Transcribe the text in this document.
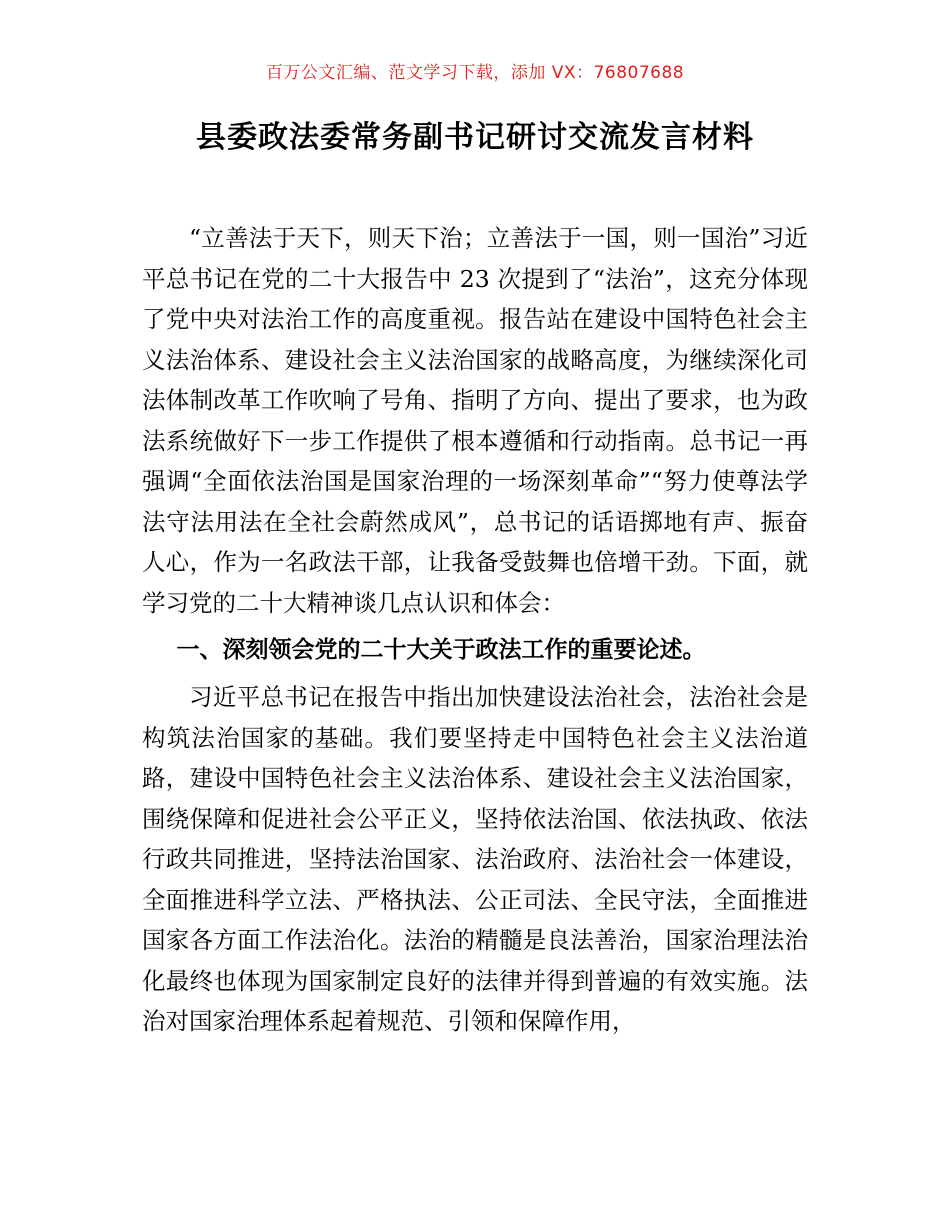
百万公文汇编、范文学习下载，添加 VX：76807688
县委政法委常务副书记研讨交流发言材料

“立善法于天下，则天下治；立善法于一国，则一国治”习近平总书记在党的二十大报告中 23 次提到了“法治”，这充分体现了党中央对法治工作的高度重视。报告站在建设中国特色社会主义法治体系、建设社会主义法治国家的战略高度，为继续深化司法体制改革工作吹响了号角、指明了方向、提出了要求，也为政法系统做好下一步工作提供了根本遵循和行动指南。总书记一再强调“全面依法治国是国家治理的一场深刻革命”“努力使尊法学法守法用法在全社会蔚然成风”，总书记的话语掷地有声、振奋人心，作为一名政法干部，让我备受鼓舞也倍增干劲。下面，就学习党的二十大精神谈几点认识和体会：

一、深刻领会党的二十大关于政法工作的重要论述。

习近平总书记在报告中指出加快建设法治社会，法治社会是构筑法治国家的基础。我们要坚持走中国特色社会主义法治道路，建设中国特色社会主义法治体系、建设社会主义法治国家，围绕保障和促进社会公平正义，坚持依法治国、依法执政、依法行政共同推进，坚持法治国家、法治政府、法治社会一体建设，全面推进科学立法、严格执法、公正司法、全民守法，全面推进国家各方面工作法治化。法治的精髓是良法善治，国家治理法治化最终也体现为国家制定良好的法律并得到普遍的有效实施。法治对国家治理体系起着规范、引领和保障作用，
